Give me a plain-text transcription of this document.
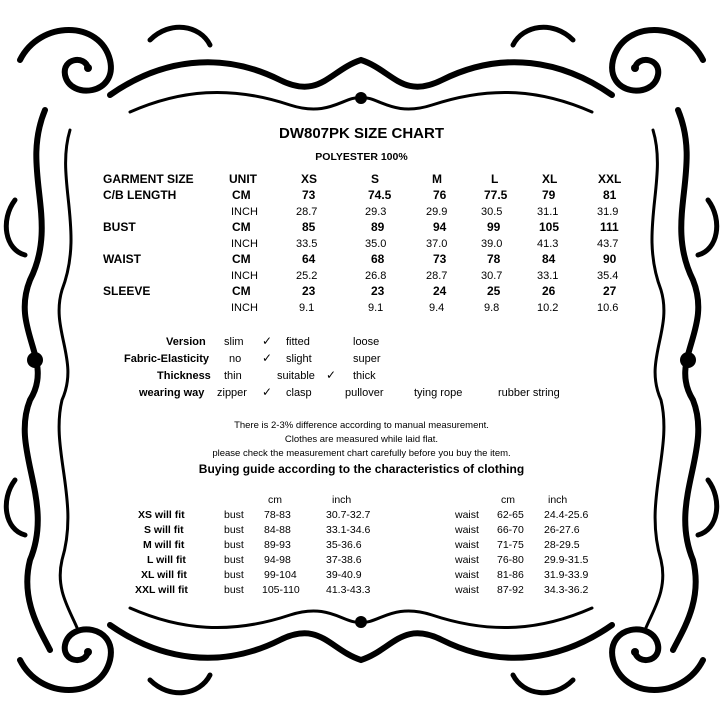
DW807PK SIZE CHART
POLYESTER 100%
GARMENT SIZE	UNIT	XS	S	M	L	XL	XXL
C/B LENGTH	CM	73	74.5	76	77.5	79	81
INCH	28.7	29.3	29.9	30.5	31.1	31.9
BUST	CM	85	89	94	99	105	111
INCH	33.5	35.0	37.0	39.0	41.3	43.7
WAIST	CM	64	68	73	78	84	90
INCH	25.2	26.8	28.7	30.7	33.1	35.4
SLEEVE	CM	23	23	24	25	26	27
INCH	9.1	9.1	9.4	9.8	10.2	10.6
Version slim ✓ fitted	loose
Fabric-Elasticity no ✓ slight	super
Thickness thin	suitable ✓ thick
wearing way zipper ✓ clasp	pullover	tying rope	rubber string
There is 2-3% difference according to manual measurement.
Clothes are measured while laid flat.
please check the measurement chart carefully before you buy the item.
Buying guide according to the characteristics of clothing
cm	inch	cm	inch
XS will fit	bust 78-83	30.7-32.7	waist 62-65 24.4-25.6
S will fit	bust 84-88	33.1-34.6	waist 66-70 26-27.6
M will fit	bust 89-93	35-36.6	waist 71-75 28-29.5
L will fit	bust 94-98	37-38.6	waist 76-80 29.9-31.5
XL will fit	bust 99-104	39-40.9	waist 81-86 31.9-33.9
XXL will fit	bust 105-110 41.3-43.3	waist 87-92 34.3-36.2
